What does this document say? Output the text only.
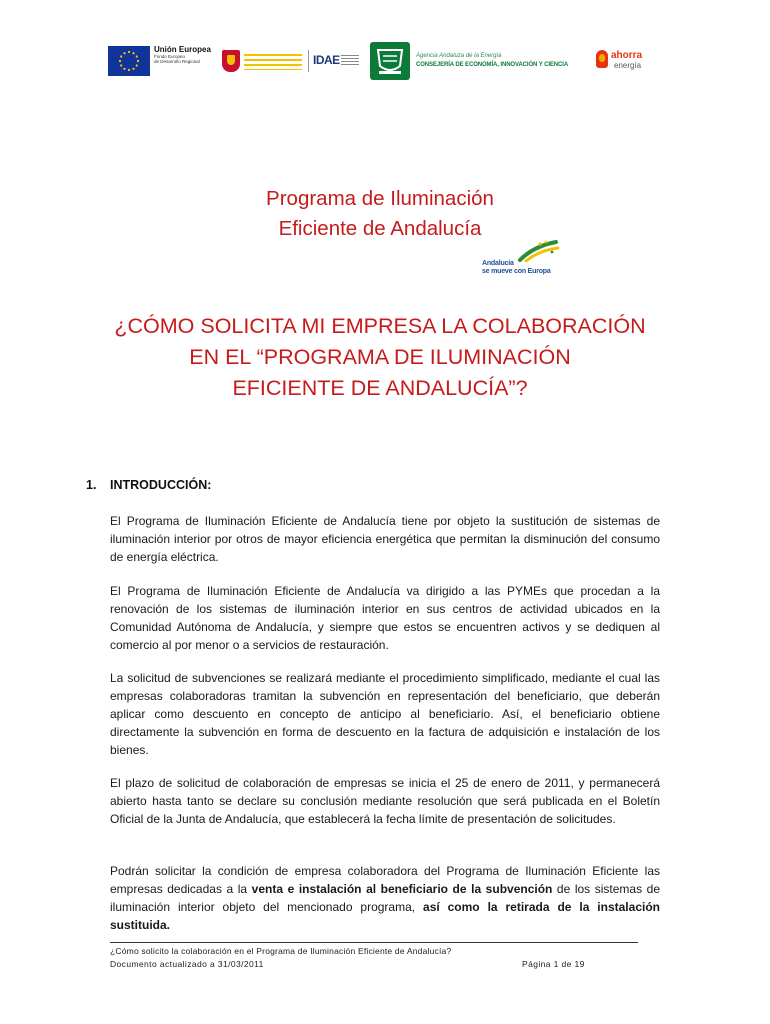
Unión Europea
Fondo Europeo
de Desarrollo Regional	IDAE	Agencia Andaluza de la Energía
CONSEJERÍA DE ECONOMÍA, INNOVACIÓN Y CIENCIA
ahorra
energía
Programa de Iluminación
Eficiente de Andalucía
Andalucía
se mueve con Europa
¿CÓMO SOLICITA MI EMPRESA LA COLABORACIÓN
EN EL “PROGRAMA DE ILUMINACIÓN
EFICIENTE DE ANDALUCÍA”?
1. INTRODUCCIÓN:

El Programa de Iluminación Eficiente de Andalucía tiene por objeto la sustitución de sistemas de iluminación interior por otros de mayor eficiencia energética que permitan la disminución del consumo de energía eléctrica.

El Programa de Iluminación Eficiente de Andalucía va dirigido a las PYMEs que procedan a la renovación de los sistemas de iluminación interior en sus centros de actividad ubicados en la Comunidad Autónoma de Andalucía, y siempre que estos se encuentren activos y se dediquen al comercio al por menor o a servicios de restauración.

La solicitud de subvenciones se realizará mediante el procedimiento simplificado, mediante el cual las empresas colaboradoras tramitan la subvención en representación del beneficiario, que deberán aplicar como descuento en concepto de anticipo al beneficiario. Así, el beneficiario obtiene directamente la subvención en forma de descuento en la factura de adquisición e instalación de los bienes.

El plazo de solicitud de colaboración de empresas se inicia el 25 de enero de 2011, y permanecerá abierto hasta tanto se declare su conclusión mediante resolución que será publicada en el Boletín Oficial de la Junta de Andalucía, que establecerá la fecha límite de presentación de solicitudes.

Podrán solicitar la condición de empresa colaboradora del Programa de Iluminación Eficiente las empresas dedicadas a la venta e instalación al beneficiario de la subvención de los sistemas de iluminación interior objeto del mencionado programa, así como la retirada de la instalación sustituida.

¿Cómo solicito la colaboración en el Programa de Iluminación Eficiente de Andalucía?
Documento actualizado a 31/03/2011	Página 1 de 19
